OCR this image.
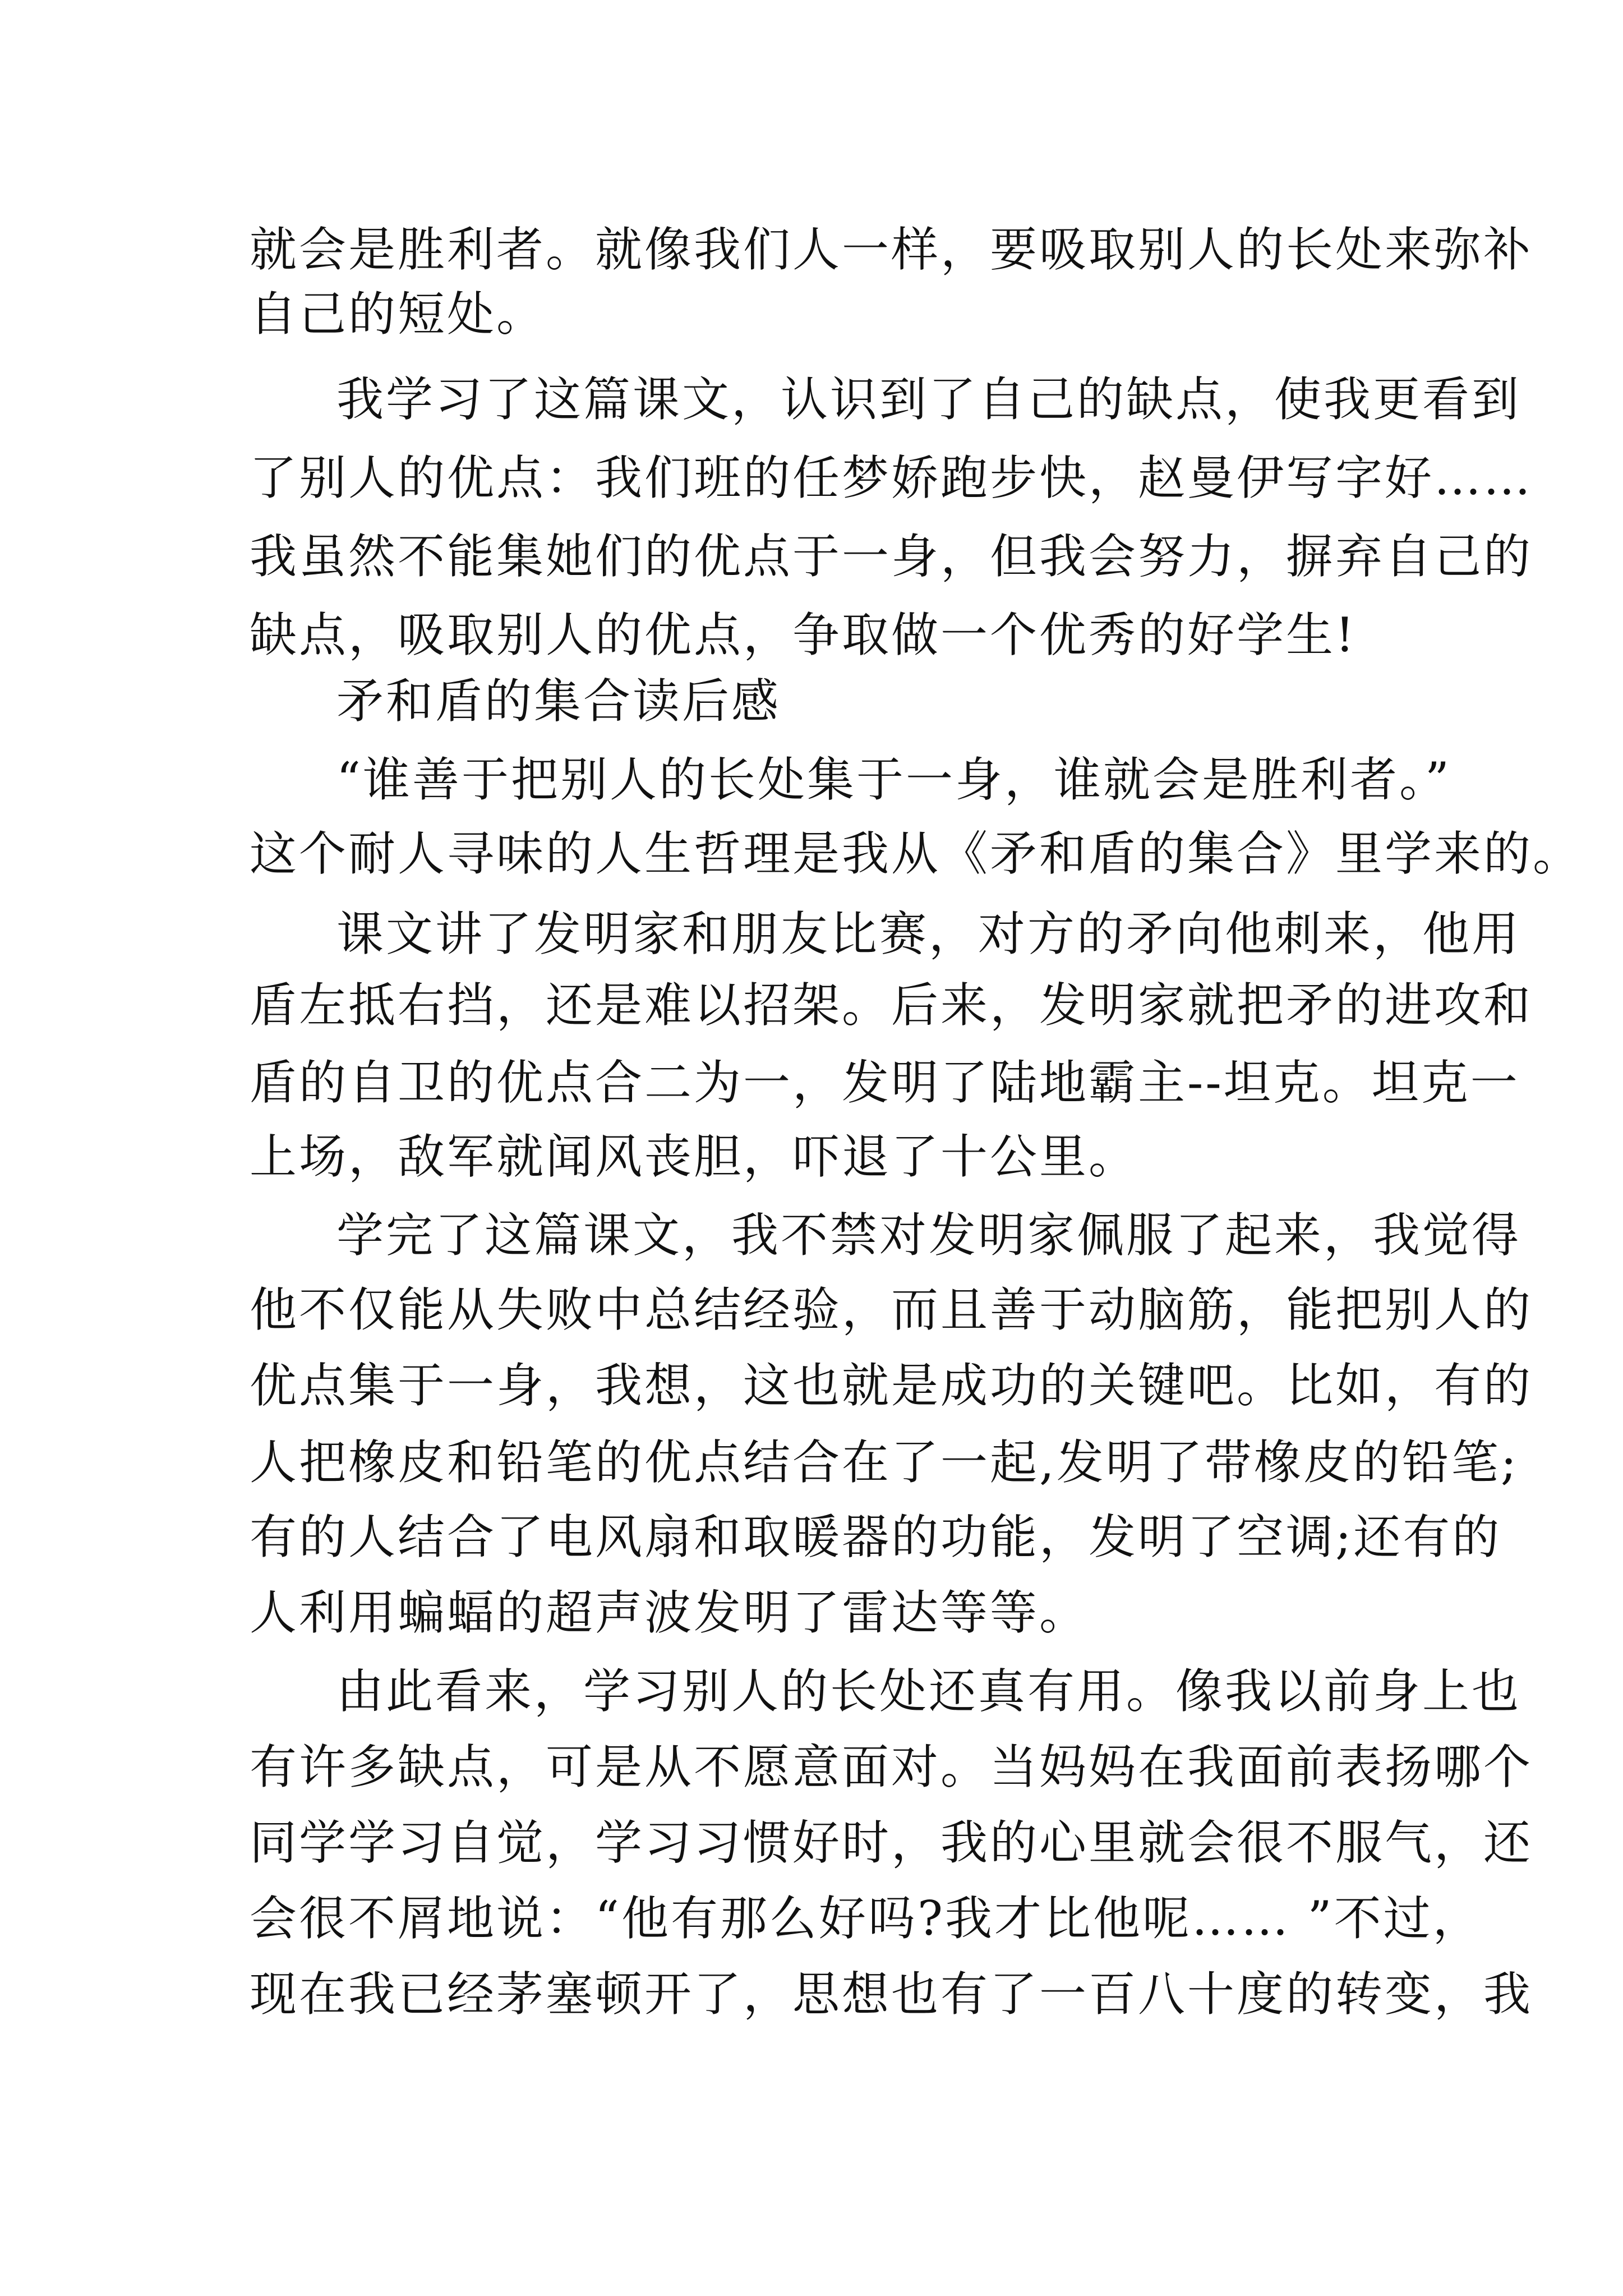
就会是胜利者。就像我们人一样，要吸取别人的长处来弥补
自己的短处。
我学习了这篇课文，认识到了自己的缺点，使我更看到
了别人的优点：我们班的任梦娇跑步快，赵曼伊写字好……
我虽然不能集她们的优点于一身，但我会努力，摒弃自己的
缺点，吸取别人的优点，争取做一个优秀的好学生!
矛和盾的集合读后感
“谁善于把别人的长处集于一身，谁就会是胜利者。”
这个耐人寻味的人生哲理是我从《矛和盾的集合》里学来的。
课文讲了发明家和朋友比赛，对方的矛向他刺来，他用
盾左抵右挡，还是难以招架。后来，发明家就把矛的进攻和
盾的自卫的优点合二为一，发明了陆地霸主--坦克。坦克一
上场，敌军就闻风丧胆，吓退了十公里。
学完了这篇课文，我不禁对发明家佩服了起来，我觉得
他不仅能从失败中总结经验，而且善于动脑筋，能把别人的
优点集于一身，我想，这也就是成功的关键吧。比如，有的
人把橡皮和铅笔的优点结合在了一起,发明了带橡皮的铅笔;
有的人结合了电风扇和取暖器的功能，发明了空调;还有的
人利用蝙蝠的超声波发明了雷达等等。
由此看来，学习别人的长处还真有用。像我以前身上也
有许多缺点，可是从不愿意面对。当妈妈在我面前表扬哪个
同学学习自觉，学习习惯好时，我的心里就会很不服气，还
会很不屑地说：“他有那么好吗?我才比他呢…… ”不过，
现在我已经茅塞顿开了，思想也有了一百八十度的转变，我
